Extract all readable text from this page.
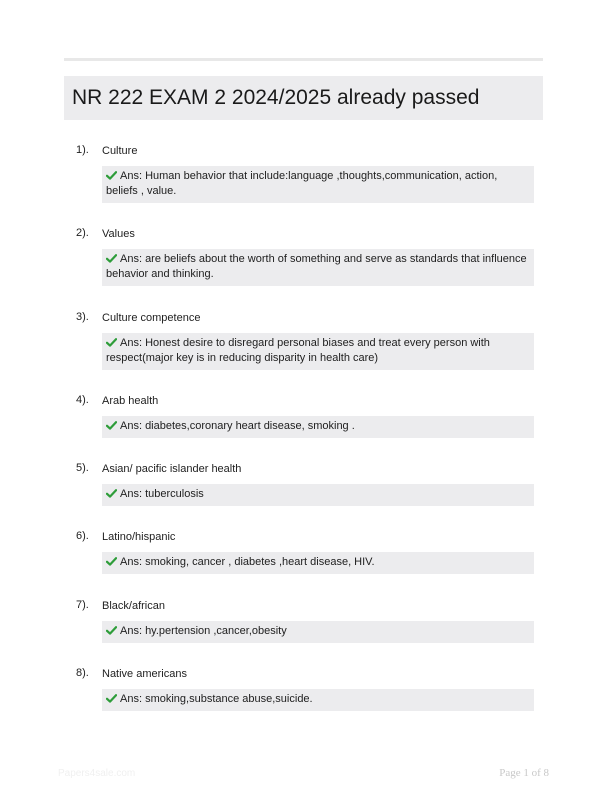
NR 222 EXAM 2 2024/2025 already passed
1). Culture
Ans: Human behavior that include:language ,thoughts,communication, action, beliefs , value.
2). Values
Ans: are beliefs about the worth of something and serve as standards that influence behavior and thinking.
3). Culture competence
Ans: Honest desire to disregard personal biases and treat every person with respect(major key is in reducing disparity in health care)
4). Arab health
Ans: diabetes,coronary heart disease, smoking .
5). Asian/ pacific islander health
Ans: tuberculosis
6). Latino/hispanic
Ans: smoking, cancer , diabetes ,heart disease, HIV.
7). Black/african
Ans: hy.pertension ,cancer,obesity
8). Native americans
Ans: smoking,substance abuse,suicide.
Papers4sale.com	Page 1 of 8
